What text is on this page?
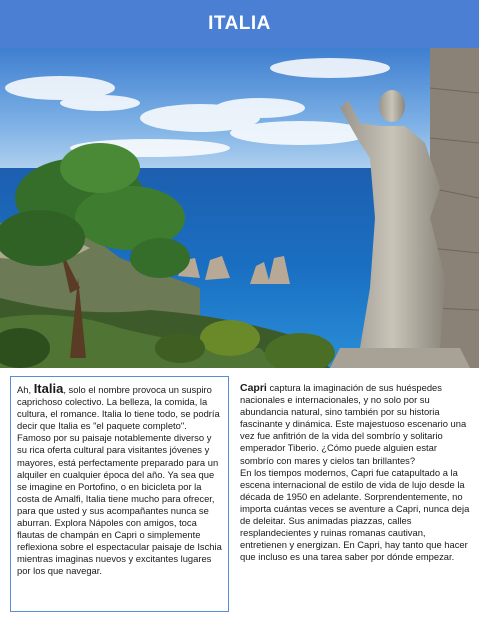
ITALIA
Ah, Italia, solo el nombre provoca un suspiro caprichoso colectivo. La belleza, la comida, la cultura, el romance. Italia lo tiene todo, se podría decir que Italia es "el paquete completo". Famoso por su paisaje notablemente diverso y su rica oferta cultural para visitantes jóvenes y mayores, está perfectamente preparado para un alquiler en cualquier época del año. Ya sea que se imagine en Portofino, o en bicicleta por la costa de Amalfi, Italia tiene mucho para ofrecer, para que usted y sus acompañantes nunca se aburran. Explora Nápoles con amigos, toca flautas de champán en Capri o simplemente reflexiona sobre el espectacular paisaje de Ischia mientras imaginas nuevos y excitantes lugares por los que navegar.

Capri captura la imaginación de sus huéspedes nacionales e internacionales, y no solo por su abundancia natural, sino también por su historia fascinante y dinámica. Este majestuoso escenario una vez fue anfitrión de la vida del sombrío y solitario emperador Tiberio. ¿Cómo puede alguien estar sombrío con mares y cielos tan brillantes?

En los tiempos modernos, Capri fue catapultado a la escena internacional de estilo de vida de lujo desde la década de 1950 en adelante. Sorprendentemente, no importa cuántas veces se aventure a Capri, nunca deja de deleitar. Sus animadas piazzas, calles resplandecientes y ruinas romanas cautivan, entretienen y energizan. En Capri, hay tanto que hacer que incluso es una tarea saber por dónde empezar.
